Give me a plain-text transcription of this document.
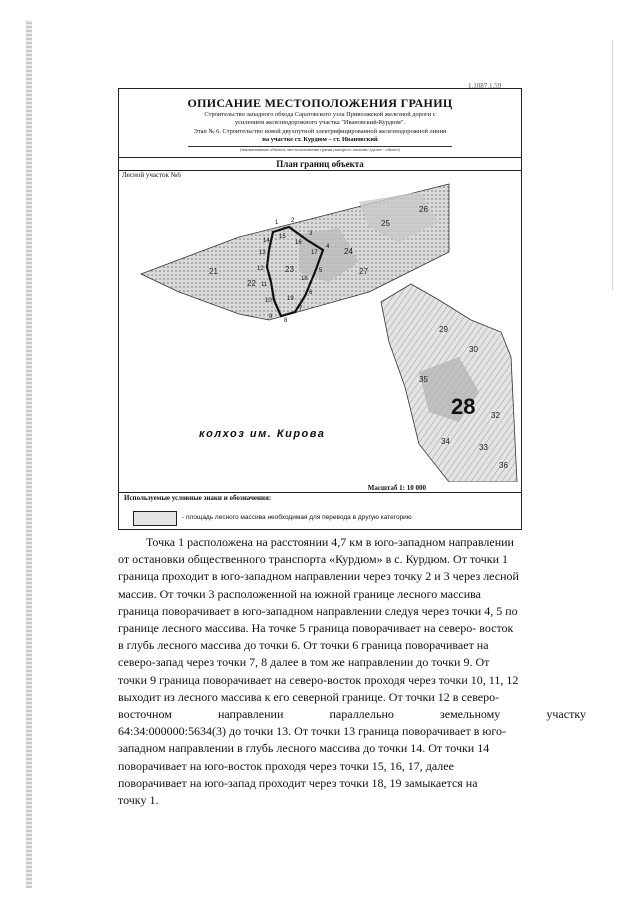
1.1087.1.59
ОПИСАНИЕ МЕСТОПОЛОЖЕНИЯ ГРАНИЦ
Строительство западного обхода Саратовского узла Приволжской железной дороги с
усилением железнодорожного участка "Ивановский-Курдюм".
Этап № 6. Строительство новой двухпутной электрифицированной железнодорожной линии
на участке ст. Курдюм – ст. Ивановский
(наименование объекта, местоположение границ которого описано (далее - объект)
План границ объекта
Лесной участок №6
1 2
3
4
5
6
7
8
9
10
11
12
13
14
15
16
17
18
19
21
22
23
24
25
26
27
29
30
32
33
34
35
36
28
колхоз им. Кирова
Масштаб 1: 10 000
Используемые условные знаки и обозначения:
- площадь лесного массива необходимая для перевода в другую категорию
Точка 1 расположена на расстоянии 4,7 км в юго-западном направлении
от остановки общественного транспорта «Курдюм» в с. Курдюм. От точки 1
граница проходит в юго-западном направлении через точку 2 и 3 через лесной
массив. От точки 3 расположенной на южной границе лесного массива
граница поворачивает в юго-западном направлении следуя через точки 4, 5 по
границе лесного массива. На точке 5 граница поворачивает на северо- восток
в глубь лесного массива до точки 6. От точки 6 граница поворачивает на
северо-запад через точки 7, 8 далее в том же направлении до точки 9. От
точки 9 граница поворачивает на северо-восток проходя через точки 10, 11, 12
выходит из лесного массива к его северной границе. От точки 12 в северо-
восточном направлении параллельно земельному участку
64:34:000000:5634(3) до точки 13. От точки 13 граница поворачивает в юго-
западном направлении в глубь лесного массива до точки 14. От точки 14
поворачивает на юго-восток проходя через точки 15, 16, 17, далее
поворачивает на юго-запад проходит через точки 18, 19 замыкается на
точку 1.
